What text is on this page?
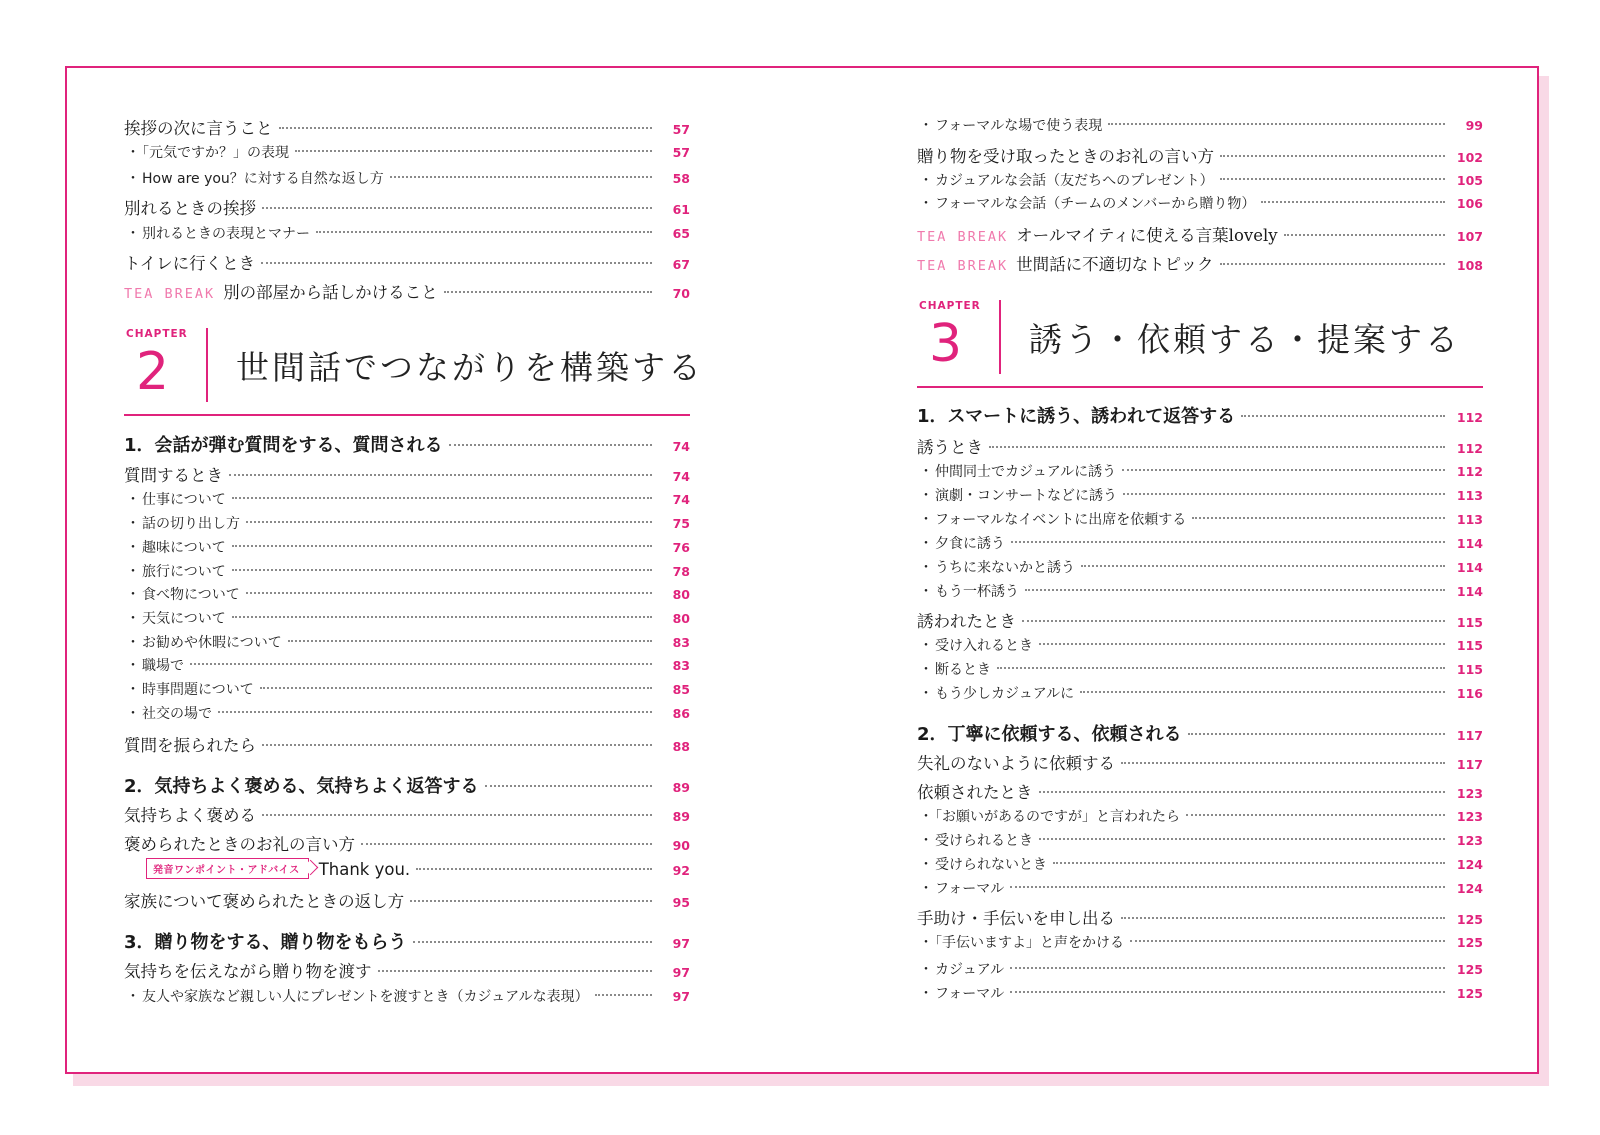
挨拶の次に言うこと	57
・ 「元気ですか？」の表現	57
・ How are you？に対する自然な返し方	58
別れるときの挨拶	61
・ 別れるときの表現とマナー	65
トイレに行くとき	67
TEA BREAK 別の部屋から話しかけること	70
1．会話が弾む質問をする、質問される	74
質問するとき	74
・ 仕事について	74
・ 話の切り出し方	75
・ 趣味について	76
・ 旅行について	78
・ 食べ物について	80
・ 天気について	80
・ お勧めや休暇について	83
・ 職場で	83
・ 時事問題について	85
・ 社交の場で	86
質問を振られたら	88
2．気持ちよく褒める、気持ちよく返答する	89
気持ちよく褒める	89
褒められたときのお礼の言い方	90
発音ワンポイント・アドバイス Thank you.	92
家族について褒められたときの返し方	95
3．贈り物をする、贈り物をもらう	97
気持ちを伝えながら贈り物を渡す	97
・ 友人や家族など親しい人にプレゼントを渡すとき（カジュアルな表現）	97
CHAPTER
2 世間話でつながりを構築する
・ フォーマルな場で使う表現	99
贈り物を受け取ったときのお礼の言い方	102
・ カジュアルな会話（友だちへのプレゼント）	105
・ フォーマルな会話（チームのメンバーから贈り物）	106
TEA BREAK オールマイティに使える言葉lovely	107
TEA BREAK 世間話に不適切なトピック	108
CHAPTER
3 誘う・依頼する・提案する
1．スマートに誘う、誘われて返答する	112
誘うとき	112
・ 仲間同士でカジュアルに誘う	112
・ 演劇・コンサートなどに誘う	113
・ フォーマルなイベントに出席を依頼する	113
・ 夕食に誘う	114
・ うちに来ないかと誘う	114
・ もう一杯誘う	114
誘われたとき	115
・ 受け入れるとき	115
・ 断るとき	115
・ もう少しカジュアルに	116
2．丁寧に依頼する、依頼される	117
失礼のないように依頼する	117
依頼されたとき	123
・ 「お願いがあるのですが」と言われたら	123
・ 受けられるとき	123
・ 受けられないとき	124
・ フォーマル	124
手助け・手伝いを申し出る	125
・ 「手伝いますよ」と声をかける	125
・ カジュアル	125
・ フォーマル	125
